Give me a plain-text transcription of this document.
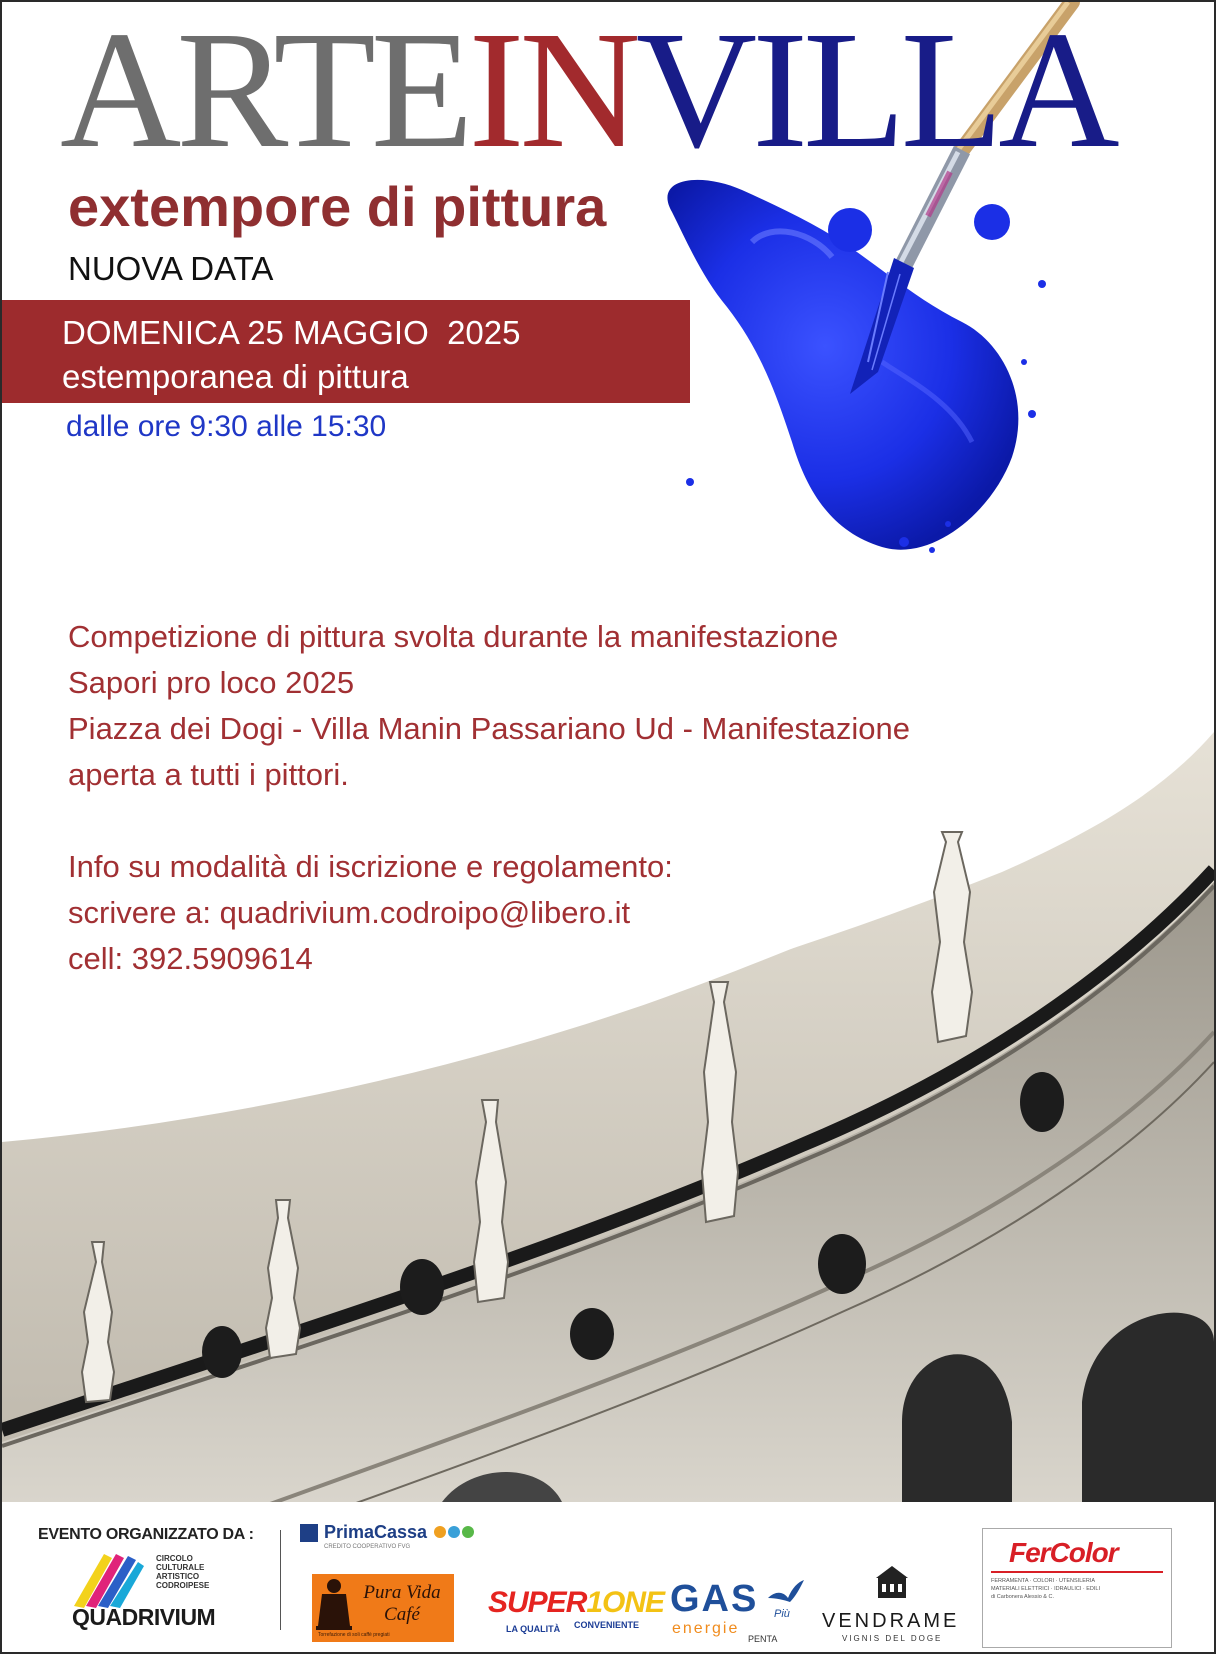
ARTEINVILLA
extempore di pittura
NUOVA DATA
DOMENICA 25 MAGGIO  2025
estemporanea di pittura
dalle ore 9:30 alle 15:30

Competizione di pittura svolta durante la manifestazione

Sapori pro loco 2025

Piazza dei Dogi - Villa Manin Passariano Ud - Manifestazione

aperta a tutti i pittori.

Info su modalità di iscrizione e regolamento:

scrivere a: quadrivium.codroipo@libero.it

cell: 392.5909614

EVENTO ORGANIZZATO DA :
CIRCOLO
CULTURALE
ARTISTICO
CODROIPESE
QUADRIVIUM
PrimaCassa
CREDITO COOPERATIVO FVG
Pura Vida
Café
Torrefazione di soli caffè pregiati
SUPER1ONE
LA QUALITÀ CONVENIENTE
GAS Più
energie
PENTA
VENDRAME
VIGNIS DEL DOGE
FerColor
FERRAMENTA · COLORI · UTENSILERIA
MATERIALI ELETTRICI · IDRAULICI · EDILI
di Carbonera Alessio & C.
